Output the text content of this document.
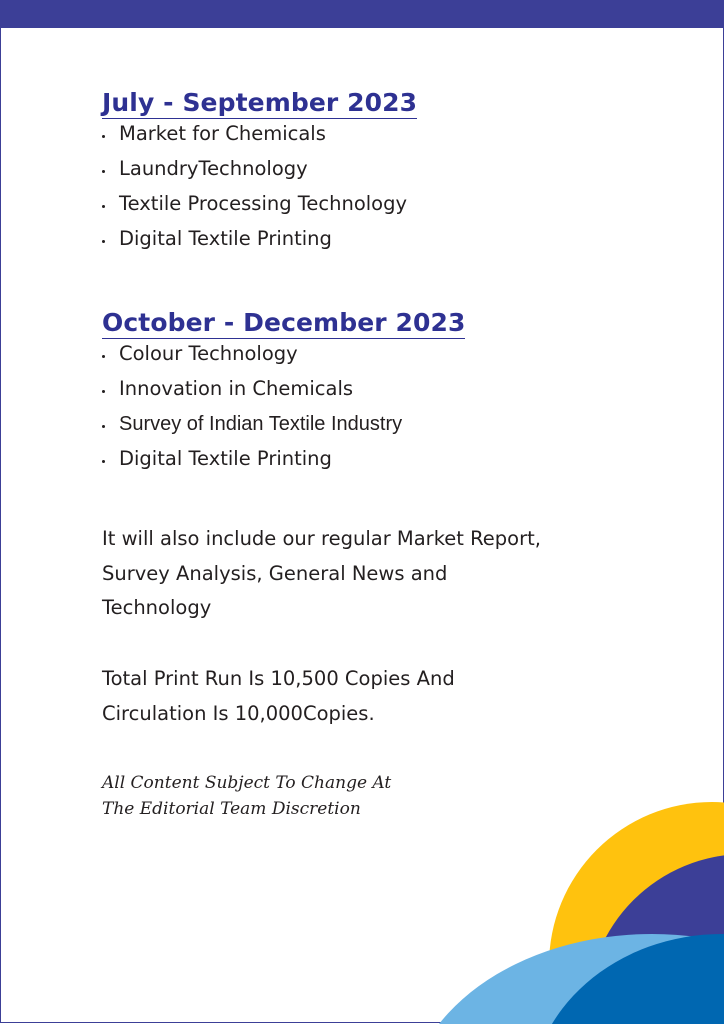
July - September 2023
Market for Chemicals
LaundryTechnology
Textile Processing Technology
Digital Textile Printing
October - December 2023
Colour Technology
Innovation in Chemicals
Survey of Indian Textile Industry
Digital Textile Printing

It will also include our regular Market Report,
Survey Analysis, General News and
Technology

Total Print Run Is 10,500 Copies And
Circulation Is 10,000Copies.

All Content Subject To Change At
The Editorial Team Discretion
